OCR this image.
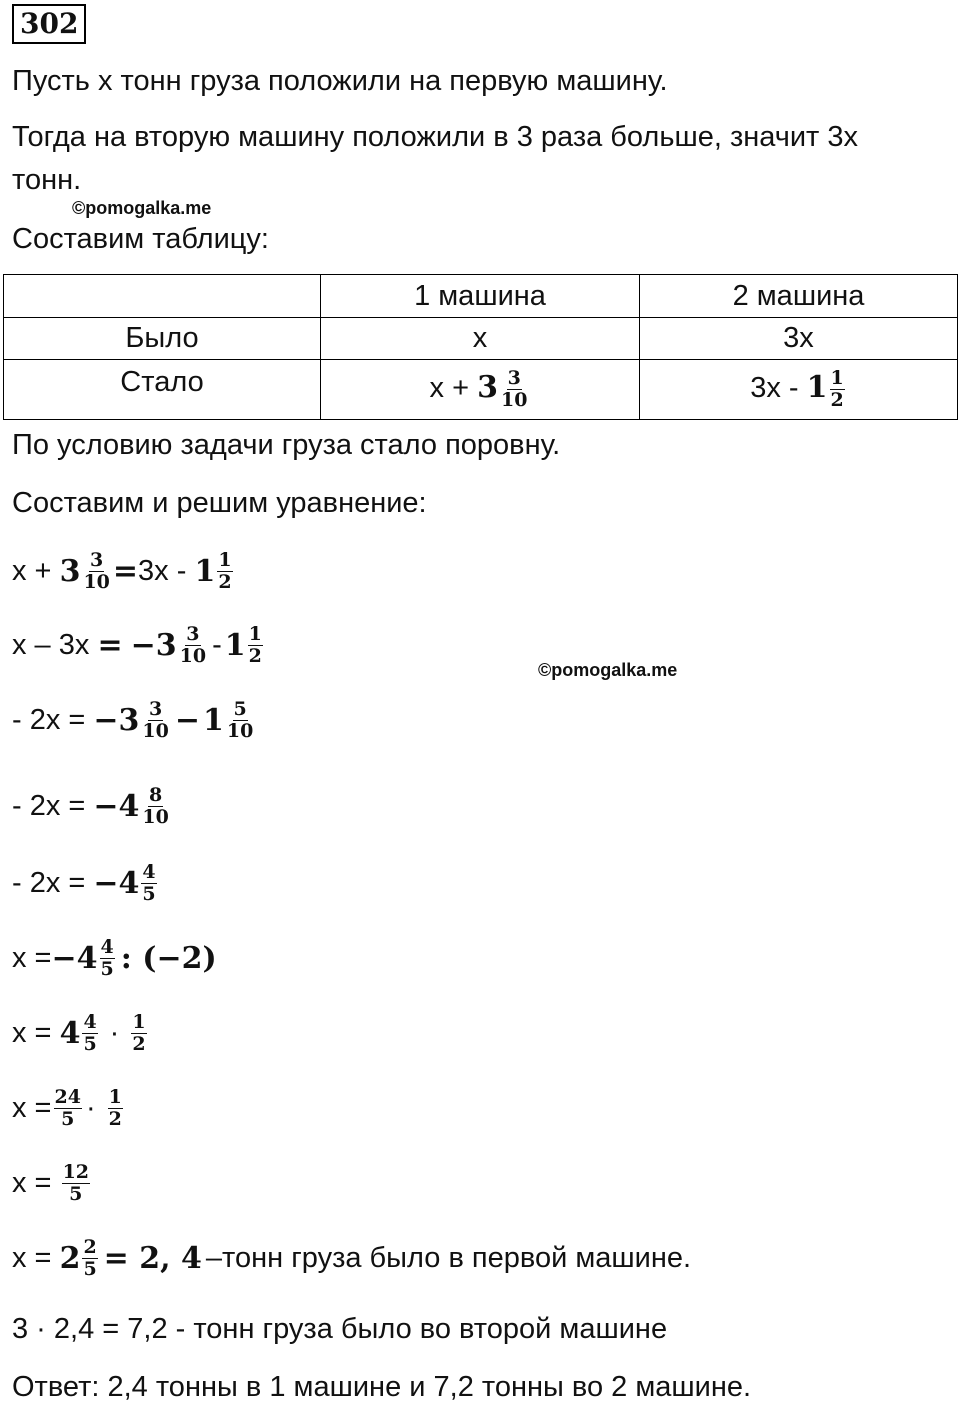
302
Пусть x тонн груза положили на первую машину.
Тогда на вторую машину положили в 3 раза больше, значит 3x
тонн.
©pomogalka.me
Составим таблицу:
	1 машина	2 машина
Было	x	3x
Стало	$x + 3 \frac{3}{10}$	$3x - 1 \frac{1}{2}$
По условию задачи груза стало поровну.
Составим и решим уравнение:
x +
$3 \frac{3}{10} = 3x$ -
$1 \frac{1}{2}$
x – 3x
=
$-3 \frac{3}{10} - 1 \frac{1}{2}$
©pomogalka.me
- 2x =
$-3 \frac{3}{10} - 1 \frac{5}{10}$
- 2x =
$-4 \frac{8}{10}$
- 2x =
$-4 \frac{4}{5}$
$x = -4 \frac{4}{5}$ : (−2)
x =
$4 \frac{4}{5} \cdot \frac{1}{2}$
$x = \frac{24}{5} \cdot \frac{1}{2}$
x =
$\frac{12}{5}$
x =
$2 \frac{2}{5} = 2$, 4 –тонн груза было в первой машине.
3 · 2,4 = 7,2 - тонн груза было во второй машине
Ответ: 2,4 тонны в 1 машине и 7,2 тонны во 2 машине.
